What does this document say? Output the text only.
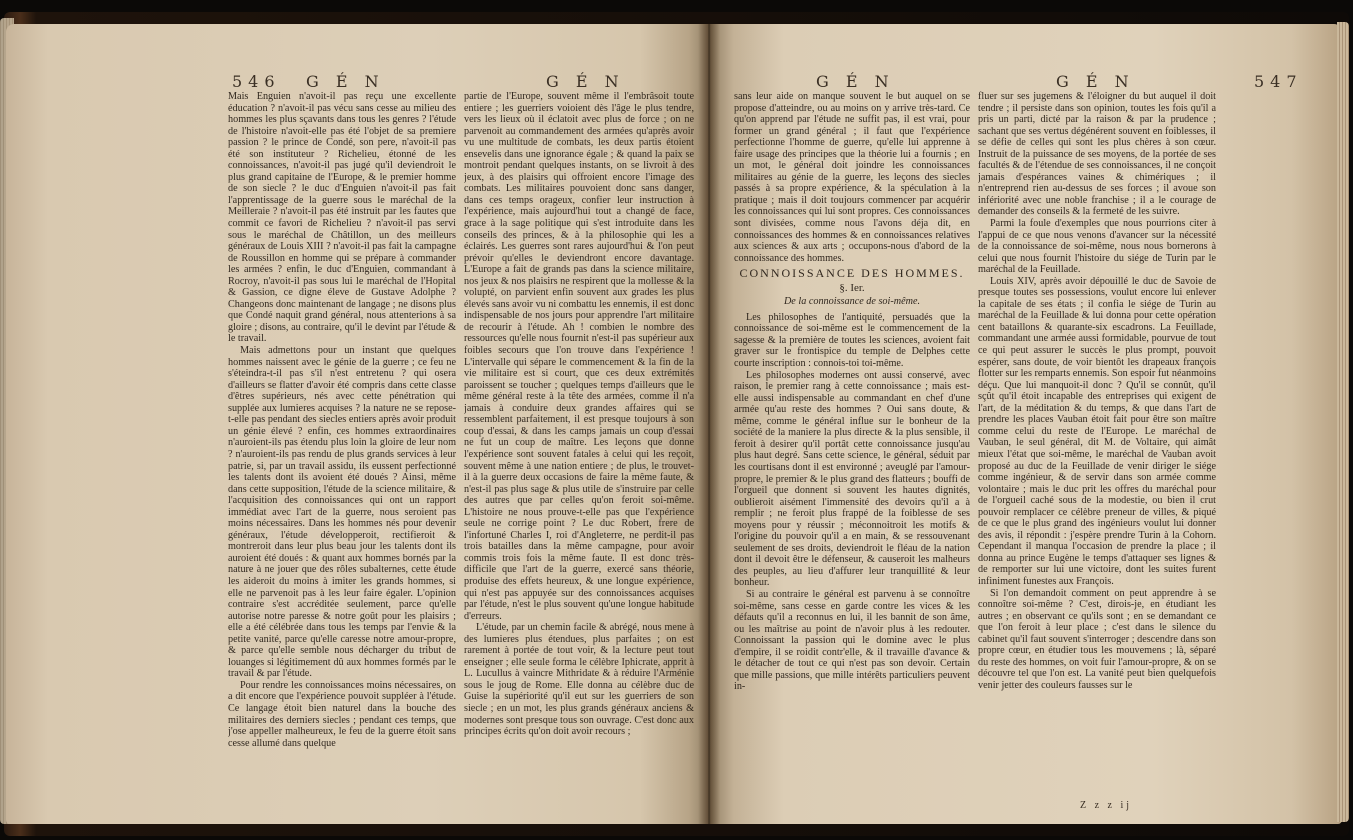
546 G É N	G É N

Mais Enguien n'avoit-il pas reçu une excellente éducation ? n'avoit-il pas vécu sans cesse au milieu des hommes les plus sçavants dans tous les genres ? l'étude de l'histoire n'avoit-elle pas été l'objet de sa premiere passion ? le prince de Condé, son pere, n'avoit-il pas été son instituteur ? Richelieu, étonné de les connoissances, n'avoit-il pas jugé qu'il deviendroit le plus grand capitaine de l'Europe, & le premier homme de son siecle ? le duc d'Enguien n'avoit-il pas fait l'apprentissage de la guerre sous le maréchal de la Meilleraie ? n'avoit-il pas été instruit par les fautes que commit ce favori de Richelieu ? n'avoit-il pas servi sous le maréchal de Châtillon, un des meilleurs généraux de Louis XIII ? n'avoit-il pas fait la campagne de Roussillon en homme qui se prépare à commander les armées ? enfin, le duc d'Enguien, commandant à Rocroy, n'avoit-il pas sous lui le maréchal de l'Hopital & Gassion, ce digne éleve de Gustave Adolphe ? Changeons donc maintenant de langage ; ne disons plus que Condé naquit grand général, nous attenterions à sa gloire ; disons, au contraire, qu'il le devint par l'étude & le travail.

Mais admettons pour un instant que quelques hommes naissent avec le génie de la guerre ; ce feu ne s'éteindra-t-il pas s'il n'est entretenu ? qui osera d'ailleurs se flatter d'avoir été compris dans cette classe d'êtres supérieurs, nés avec cette pénétration qui supplée aux lumieres acquises ? la nature ne se repose-t-elle pas pendant des siecles entiers après avoir produit un génie élevé ? enfin, ces hommes extraordinaires n'auroient-ils pas étendu plus loin la gloire de leur nom ? n'auroient-ils pas rendu de plus grands services à leur patrie, si, par un travail assidu, ils eussent perfectionné les talents dont ils avoient été doués ? Ainsi, même dans cette supposition, l'étude de la science militaire, & l'acquisition des connoissances qui ont un rapport immédiat avec l'art de la guerre, nous seroient pas moins nécessaires. Dans les hommes nés pour devenir généraux, l'étude développeroit, rectifieroit & montreroit dans leur plus beau jour les talents dont ils auroient été doués : & quant aux hommes bornés par la nature à ne jouer que des rôles subalternes, cette étude les aideroit du moins à imiter les grands hommes, si elle ne parvenoit pas à les leur faire égaler. L'opinion contraire s'est accréditée seulement, parce qu'elle autorise notre paresse & notre goût pour les plaisirs ; elle a été célébrée dans tous les temps par l'envie & la petite vanité, parce qu'elle caresse notre amour-propre, & parce qu'elle semble nous décharger du tribut de louanges si légitimement dû aux hommes formés par le travail & par l'étude.

Pour rendre les connoissances moins nécessaires, on a dit encore que l'expérience pouvoit suppléer à l'étude. Ce langage étoit bien naturel dans la bouche des militaires des derniers siecles ; pendant ces temps, que j'ose appeller malheureux, le feu de la guerre étoit sans cesse allumé dans quelque

partie de l'Europe, souvent même il l'embrâsoit toute entiere ; les guerriers voioient dès l'âge le plus tendre, vers les lieux où il éclatoit avec plus de force ; on ne parvenoit au commandement des armées qu'après avoir vu une multitude de combats, les deux partis étoient ensevelis dans une ignorance égale ; & quand la paix se montroit pendant quelques instants, on se livroit à des jeux, à des plaisirs qui offroient encore l'image des combats. Les militaires pouvoient donc sans danger, dans ces temps orageux, confier leur instruction à l'expérience, mais aujourd'hui tout a changé de face, grace à la sage politique qui s'est introduite dans les conseils des princes, & à la philosophie qui les a éclairés. Les guerres sont rares aujourd'hui & l'on peut prévoir qu'elles le deviendront encore davantage. L'Europe a fait de grands pas dans la science militaire, nos jeux & nos plaisirs ne respirent que la mollesse & la volupté, on parvient enfin souvent aux grades les plus élevés sans avoir vu ni combattu les ennemis, il est donc indispensable de nos jours pour apprendre l'art militaire de recourir à l'étude. Ah ! combien le nombre des ressources qu'elle nous fournit n'est-il pas supérieur aux foibles secours que l'on trouve dans l'expérience ! L'intervalle qui sépare le commencement & la fin de la vie militaire est si court, que ces deux extrémités paroissent se toucher ; quelques temps d'ailleurs que le même général reste à la tête des armées, comme il n'a jamais à conduire deux grandes affaires qui se ressemblent parfaitement, il est presque toujours à son coup d'essai, & dans les camps jamais un coup d'essai ne fut un coup de maître. Les leçons que donne l'expérience sont souvent fatales à celui qui les reçoit, souvent même à une nation entiere ; de plus, le trouvet-il à la guerre deux occasions de faire la même faute, & n'est-il pas plus sage & plus utile de s'instruire par celle des autres que par celles qu'on feroit soi-même. L'histoire ne nous prouve-t-elle pas que l'expérience seule ne corrige point ? Le duc Robert, frere de l'infortuné Charles I, roi d'Angleterre, ne perdit-il pas trois batailles dans la même campagne, pour avoir commis trois fois la même faute. Il est donc très-difficile que l'art de la guerre, exercé sans théorie, produise des effets heureux, & une longue expérience, qui n'est pas appuyée sur des connoissances acquises par l'étude, n'est le plus souvent qu'une longue habitude d'erreurs.

L'étude, par un chemin facile & abrégé, nous mene à des lumieres plus étendues, plus parfaites ; on est rarement à portée de tout voir, & la lecture peut tout enseigner ; elle seule forma le célèbre Iphicrate, apprit à L. Lucullus à vaincre Mithridate & à réduire l'Arménie sous le joug de Rome. Elle donna au célèbre duc de Guise la supériorité qu'il eut sur les guerriers de son siecle ; en un mot, les plus grands généraux anciens & modernes sont presque tous son ouvrage. C'est donc aux principes écrits qu'on doit avoir recours ;

G É N	G É N	547

sans leur aide on manque souvent le but auquel on se propose d'atteindre, ou au moins on y arrive très-tard. Ce qu'on apprend par l'étude ne suffit pas, il est vrai, pour former un grand général ; il faut que l'expérience perfectionne l'homme de guerre, qu'elle lui apprenne à faire usage des principes que la théorie lui a fournis ; en un mot, le général doit joindre les connoissances militaires au génie de la guerre, les leçons des siecles passés à sa propre expérience, & la spéculation à la pratique ; mais il doit toujours commencer par acquérir les connoissances qui lui sont propres. Ces connoissances sont divisées, comme nous l'avons déja dit, en connoissances des hommes & en connoissances relatives aux sciences & aux arts ; occupons-nous d'abord de la connoissance des hommes.

CONNOISSANCE DES HOMMES.
§. Ier.
De la connoissance de soi-même.

Les philosophes de l'antiquité, persuadés que la connoissance de soi-même est le commencement de la sagesse & la première de toutes les sciences, avoient fait graver sur le frontispice du temple de Delphes cette courte inscription : connois-toi toi-même.

Les philosophes modernes ont aussi conservé, avec raison, le premier rang à cette connoissance ; mais est-elle aussi indispensable au commandant en chef d'une armée qu'au reste des hommes ? Oui sans doute, & même, comme le général influe sur le bonheur de la société de la maniere la plus directe & la plus sensible, il feroit à desirer qu'il portât cette connoissance jusqu'au plus haut degré. Sans cette science, le général, séduit par les courtisans dont il est environné ; aveuglé par l'amour-propre, le premier & le plus grand des flatteurs ; bouffi de l'orgueil que donnent si souvent les hautes dignités, oublieroit aisément l'immensité des devoirs qu'il a à remplir ; ne feroit plus frappé de la foiblesse de ses moyens pour y réussir ; méconnoitroit les motifs & l'origine du pouvoir qu'il a en main, & se ressouvenant seulement de ses droits, deviendroit le fléau de la nation dont il devoit être le défenseur, & causeroit les malheurs des peuples, au lieu d'affurer leur tranquillité & leur bonheur.

Si au contraire le général est parvenu à se connoître soi-même, sans cesse en garde contre les vices & les défauts qu'il a reconnus en lui, il les bannit de son âme, ou les maîtrise au point de n'avoir plus à les redouter. Connoissant la passion qui le domine avec le plus d'empire, il se roidit contr'elle, & il travaille d'avance & le détacher de tout ce qui n'est pas son devoir. Certain que mille passions, que mille intérêts particuliers peuvent in-

fluer sur ses jugemens & l'éloigner du but auquel il doit tendre ; il persiste dans son opinion, toutes les fois qu'il a pris un parti, dicté par la raison & par la prudence ; sachant que ses vertus dégénérent souvent en foiblesses, il se défie de celles qui sont les plus chères à son cœur. Instruit de la puissance de ses moyens, de la portée de ses facultés & de l'étendue de ses connoissances, il ne conçoit jamais d'espérances vaines & chimériques ; il n'entreprend rien au-dessus de ses forces ; il avoue son infériorité avec une noble franchise ; il a le courage de demander des conseils & la fermeté de les suivre.

Parmi la foule d'exemples que nous pourrions citer à l'appui de ce que nous venons d'avancer sur la nécessité de la connoissance de soi-même, nous nous bornerons à celui que nous fournit l'histoire du siége de Turin par le maréchal de la Feuillade.

Louis XIV, après avoir dépouillé le duc de Savoie de presque toutes ses possessions, voulut encore lui enlever la capitale de ses états ; il confia le siége de Turin au maréchal de la Feuillade & lui donna pour cette opération cent bataillons & quarante-six escadrons. La Feuillade, commandant une armée aussi formidable, pourvue de tout ce qui peut assurer le succès le plus prompt, pouvoit espérer, sans doute, de voir bientôt les drapeaux françois flotter sur les remparts ennemis. Son espoir fut néanmoins déçu. Que lui manquoit-il donc ? Qu'il se connût, qu'il sçût qu'il étoit incapable des entreprises qui exigent de l'art, de la méditation & du temps, & que dans l'art de prendre les places Vauban étoit fait pour être son maître comme celui du reste de l'Europe. Le maréchal de Vauban, le seul général, dit M. de Voltaire, qui aimât mieux l'état que soi-même, le maréchal de Vauban avoit proposé au duc de la Feuillade de venir diriger le siége comme ingénieur, & de servir dans son armée comme volontaire ; mais le duc prit les offres du maréchal pour de l'orgueil caché sous de la modestie, ou bien il crut pouvoir remplacer ce célèbre preneur de villes, & piqué de ce que le plus grand des ingénieurs voulut lui donner des avis, il répondit : j'espère prendre Turin à la Cohorn. Cependant il manqua l'occasion de prendre la place ; il donna au prince Eugène le temps d'attaquer ses lignes & de remporter sur lui une victoire, dont les suites furent infiniment funestes aux François.

Si l'on demandoit comment on peut apprendre à se connoître soi-même ? C'est, dirois-je, en étudiant les autres ; en observant ce qu'ils sont ; en se demandant ce que l'on feroit à leur place ; c'est dans le silence du cabinet qu'il faut souvent s'interroger ; descendre dans son propre cœur, en étudier tous les mouvemens ; là, séparé du reste des hommes, on voit fuir l'amour-propre, & on se découvre tel que l'on est. La vanité peut bien quelquefois venir jetter des couleurs fausses sur le

Z z z ij
